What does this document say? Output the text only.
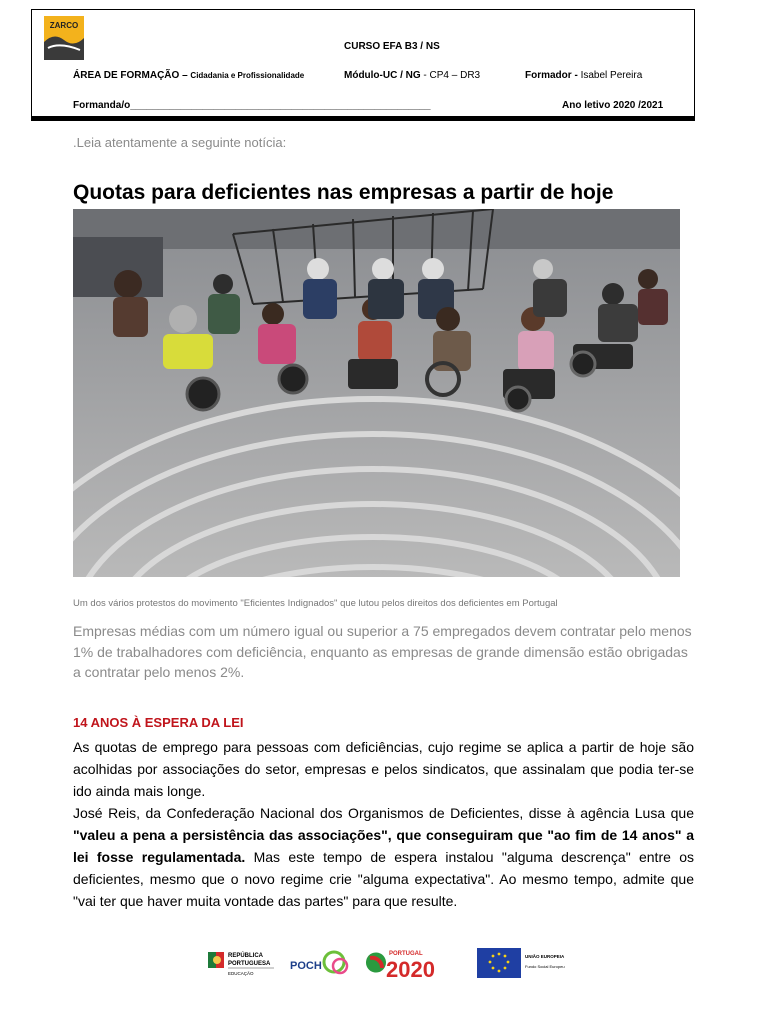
ZARCO
CURSO EFA B3 / NS
ÁREA DE FORMAÇÃO – Cidadania e Profissionalidade	Módulo-UC / NG - CP4 – DR3	Formador - Isabel Pereira
Formanda/o______________________________________________________	Ano letivo 2020 /2021
.Leia atentamente a seguinte notícia:
Quotas para deficientes nas empresas a partir de hoje
Um dos vários protestos do movimento "Eficientes Indignados" que lutou pelos direitos dos deficientes em Portugal
Empresas médias com um número igual ou superior a 75 empregados devem contratar pelo menos 1% de trabalhadores com deficiência, enquanto as empresas de grande dimensão estão obrigadas a contratar pelo menos 2%.
14 ANOS À ESPERA DA LEI

As quotas de emprego para pessoas com deficiências, cujo regime se aplica a partir de hoje são acolhidas por associações do setor, empresas e pelos sindicatos, que assinalam que podia ter-se ido ainda mais longe.

José Reis, da Confederação Nacional dos Organismos de Deficientes, disse à agência Lusa que "valeu a pena a persistência das associações", que conseguiram que "ao fim de 14 anos" a lei fosse regulamentada. Mas este tempo de espera instalou "alguma descrença" entre os deficientes, mesmo que o novo regime crie "alguma expectativa". Ao mesmo tempo, admite que "vai ter que haver muita vontade das partes" para que resulte.

REPÚBLICA
PORTUGUESA
EDUCAÇÃO
POCH
PORTUGAL
2020
UNIÃO EUROPEIA
Fundo Social Europeu
